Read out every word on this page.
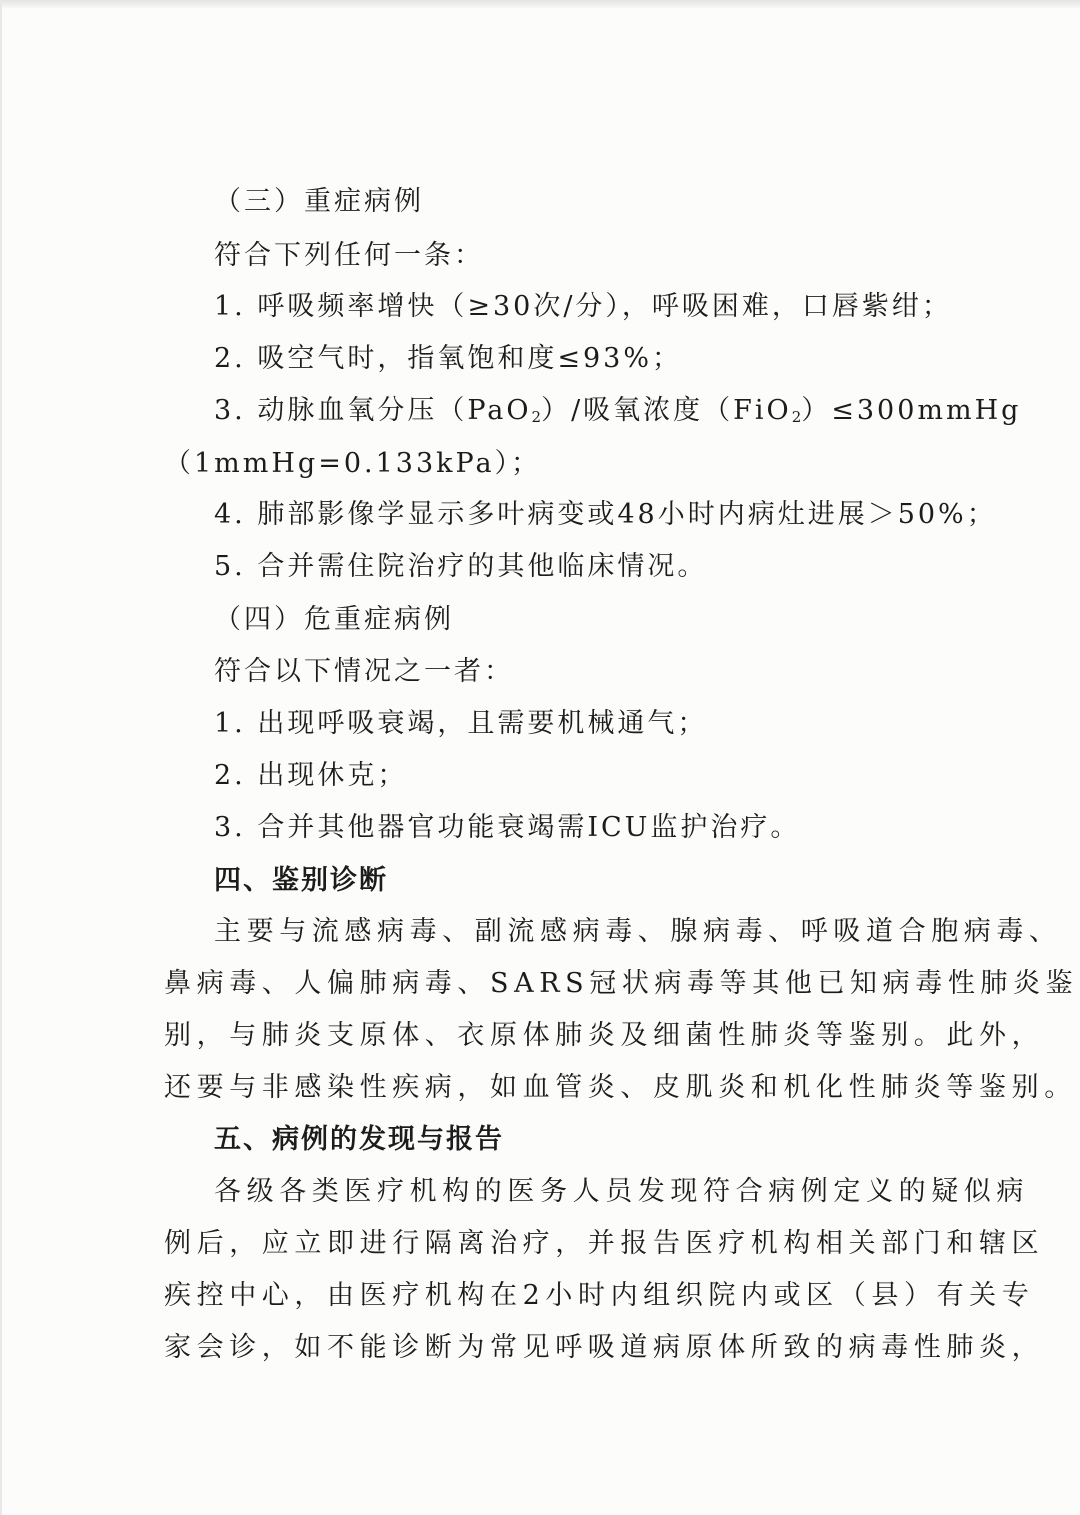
（三）重症病例
符合下列任何一条：
1. 呼吸频率增快（≥30次/分），呼吸困难，口唇紫绀；
2. 吸空气时，指氧饱和度≤93%；
3. 动脉血氧分压（PaO$_2$）/吸氧浓度（FiO$_2$）≤300mmHg
（1mmHg=0.133kPa）；
4. 肺部影像学显示多叶病变或48小时内病灶进展＞50%；
5. 合并需住院治疗的其他临床情况。
（四）危重症病例
符合以下情况之一者：
1. 出现呼吸衰竭，且需要机械通气；
2. 出现休克；
3. 合并其他器官功能衰竭需ICU监护治疗。
四、鉴别诊断
主要与流感病毒、副流感病毒、腺病毒、呼吸道合胞病毒、
鼻病毒、人偏肺病毒、SARS冠状病毒等其他已知病毒性肺炎鉴
别，与肺炎支原体、衣原体肺炎及细菌性肺炎等鉴别。此外，
还要与非感染性疾病，如血管炎、皮肌炎和机化性肺炎等鉴别。
五、病例的发现与报告
各级各类医疗机构的医务人员发现符合病例定义的疑似病
例后，应立即进行隔离治疗，并报告医疗机构相关部门和辖区
疾控中心，由医疗机构在2小时内组织院内或区（县）有关专
家会诊，如不能诊断为常见呼吸道病原体所致的病毒性肺炎，
